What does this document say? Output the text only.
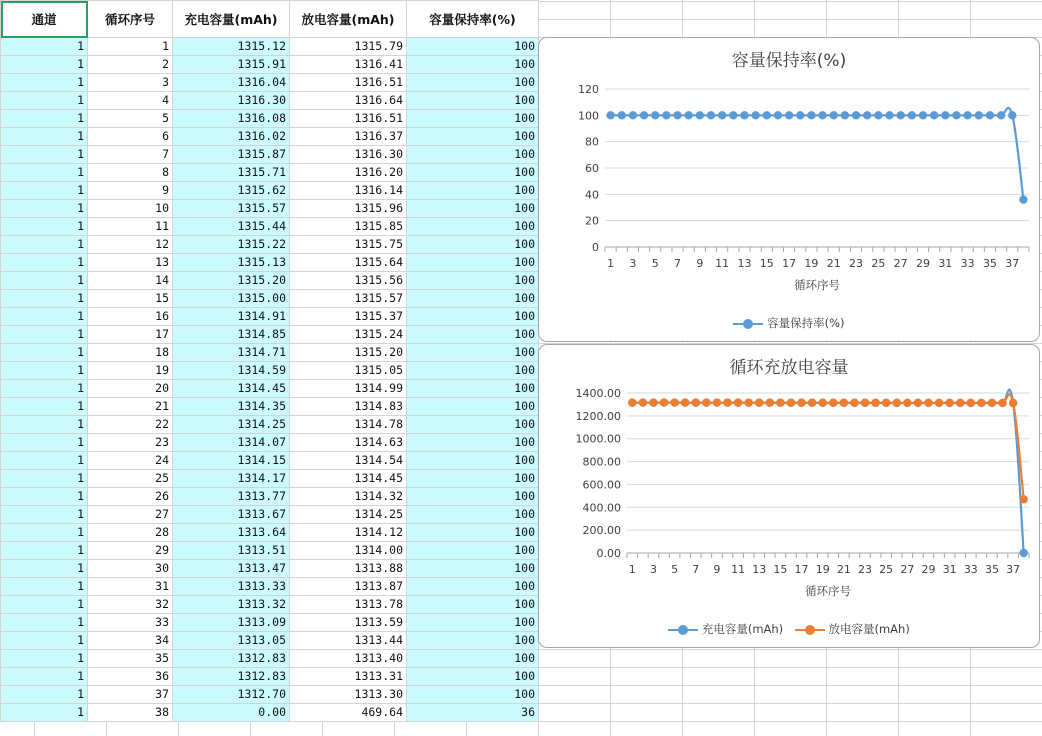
通道	循环序号	充电容量(mAh)	放电容量(mAh)	容量保持率(%)
1	1	1315.12	1315.79	100
1	2	1315.91	1316.41	100
1	3	1316.04	1316.51	100
1	4	1316.30	1316.64	100
1	5	1316.08	1316.51	100
1	6	1316.02	1316.37	100
1	7	1315.87	1316.30	100
1	8	1315.71	1316.20	100
1	9	1315.62	1316.14	100
1	10	1315.57	1315.96	100
1	11	1315.44	1315.85	100
1	12	1315.22	1315.75	100
1	13	1315.13	1315.64	100
1	14	1315.20	1315.56	100
1	15	1315.00	1315.57	100
1	16	1314.91	1315.37	100
1	17	1314.85	1315.24	100
1	18	1314.71	1315.20	100
1	19	1314.59	1315.05	100
1	20	1314.45	1314.99	100
1	21	1314.35	1314.83	100
1	22	1314.25	1314.78	100
1	23	1314.07	1314.63	100
1	24	1314.15	1314.54	100
1	25	1314.17	1314.45	100
1	26	1313.77	1314.32	100
1	27	1313.67	1314.25	100
1	28	1313.64	1314.12	100
1	29	1313.51	1314.00	100
1	30	1313.47	1313.88	100
1	31	1313.33	1313.87	100
1	32	1313.32	1313.78	100
1	33	1313.09	1313.59	100
1	34	1313.05	1313.44	100
1	35	1312.83	1313.40	100
1	36	1312.83	1313.31	100
1	37	1312.70	1313.30	100
1	38	0.00	469.64	36
容量保持率(%)
0
20
40
60
80
100
120
1 3 5 7 9 11 13 15 17 19 21 23 25 27 29 31 33 35 37
循环序号
容量保持率(%)
循环充放电容量
0.00
200.00
400.00
600.00
800.00
1000.00
1200.00
1400.00
1 3 5 7 9 11 13 15 17 19 21 23 25 27 29 31 33 35 37
循环序号
充电容量(mAh)	放电容量(mAh)
